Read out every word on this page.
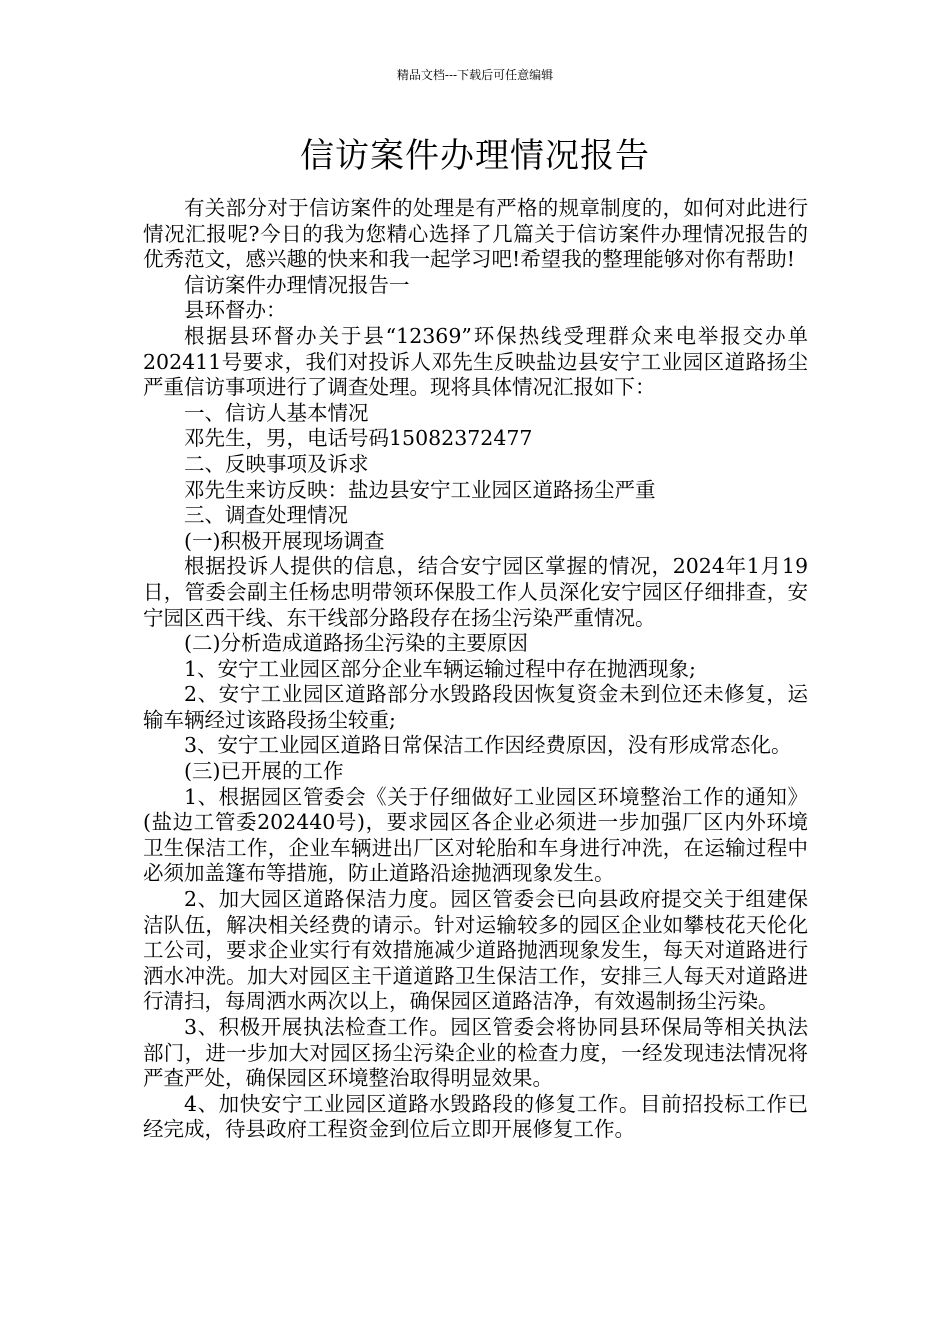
精品文档---下载后可任意编辑
信访案件办理情况报告

有关部分对于信访案件的处理是有严格的规章制度的，如何对此进行情况汇报呢?今日的我为您精心选择了几篇关于信访案件办理情况报告的优秀范文，感兴趣的快来和我一起学习吧!希望我的整理能够对你有帮助!

信访案件办理情况报告一

县环督办：

根据县环督办关于县“12369”环保热线受理群众来电举报交办单202411号要求，我们对投诉人邓先生反映盐边县安宁工业园区道路扬尘严重信访事项进行了调查处理。现将具体情况汇报如下：

一、信访人基本情况

邓先生，男，电话号码15082372477

二、反映事项及诉求

邓先生来访反映：盐边县安宁工业园区道路扬尘严重

三、调查处理情况

(一)积极开展现场调查

根据投诉人提供的信息，结合安宁园区掌握的情况，2024年1月19日，管委会副主任杨忠明带领环保股工作人员深化安宁园区仔细排查，安宁园区西干线、东干线部分路段存在扬尘污染严重情况。

(二)分析造成道路扬尘污染的主要原因

1、安宁工业园区部分企业车辆运输过程中存在抛洒现象;

2、安宁工业园区道路部分水毁路段因恢复资金未到位还未修复，运输车辆经过该路段扬尘较重;

3、安宁工业园区道路日常保洁工作因经费原因，没有形成常态化。

(三)已开展的工作

1、根据园区管委会《关于仔细做好工业园区环境整治工作的通知》(盐边工管委202440号)，要求园区各企业必须进一步加强厂区内外环境卫生保洁工作，企业车辆进出厂区对轮胎和车身进行冲洗，在运输过程中必须加盖篷布等措施，防止道路沿途抛洒现象发生。

2、加大园区道路保洁力度。园区管委会已向县政府提交关于组建保洁队伍，解决相关经费的请示。针对运输较多的园区企业如攀枝花天伦化工公司，要求企业实行有效措施减少道路抛洒现象发生，每天对道路进行洒水冲洗。加大对园区主干道道路卫生保洁工作，安排三人每天对道路进行清扫，每周洒水两次以上，确保园区道路洁净，有效遏制扬尘污染。

3、积极开展执法检查工作。园区管委会将协同县环保局等相关执法部门，进一步加大对园区扬尘污染企业的检查力度，一经发现违法情况将严查严处，确保园区环境整治取得明显效果。

4、加快安宁工业园区道路水毁路段的修复工作。目前招投标工作已经完成，待县政府工程资金到位后立即开展修复工作。
